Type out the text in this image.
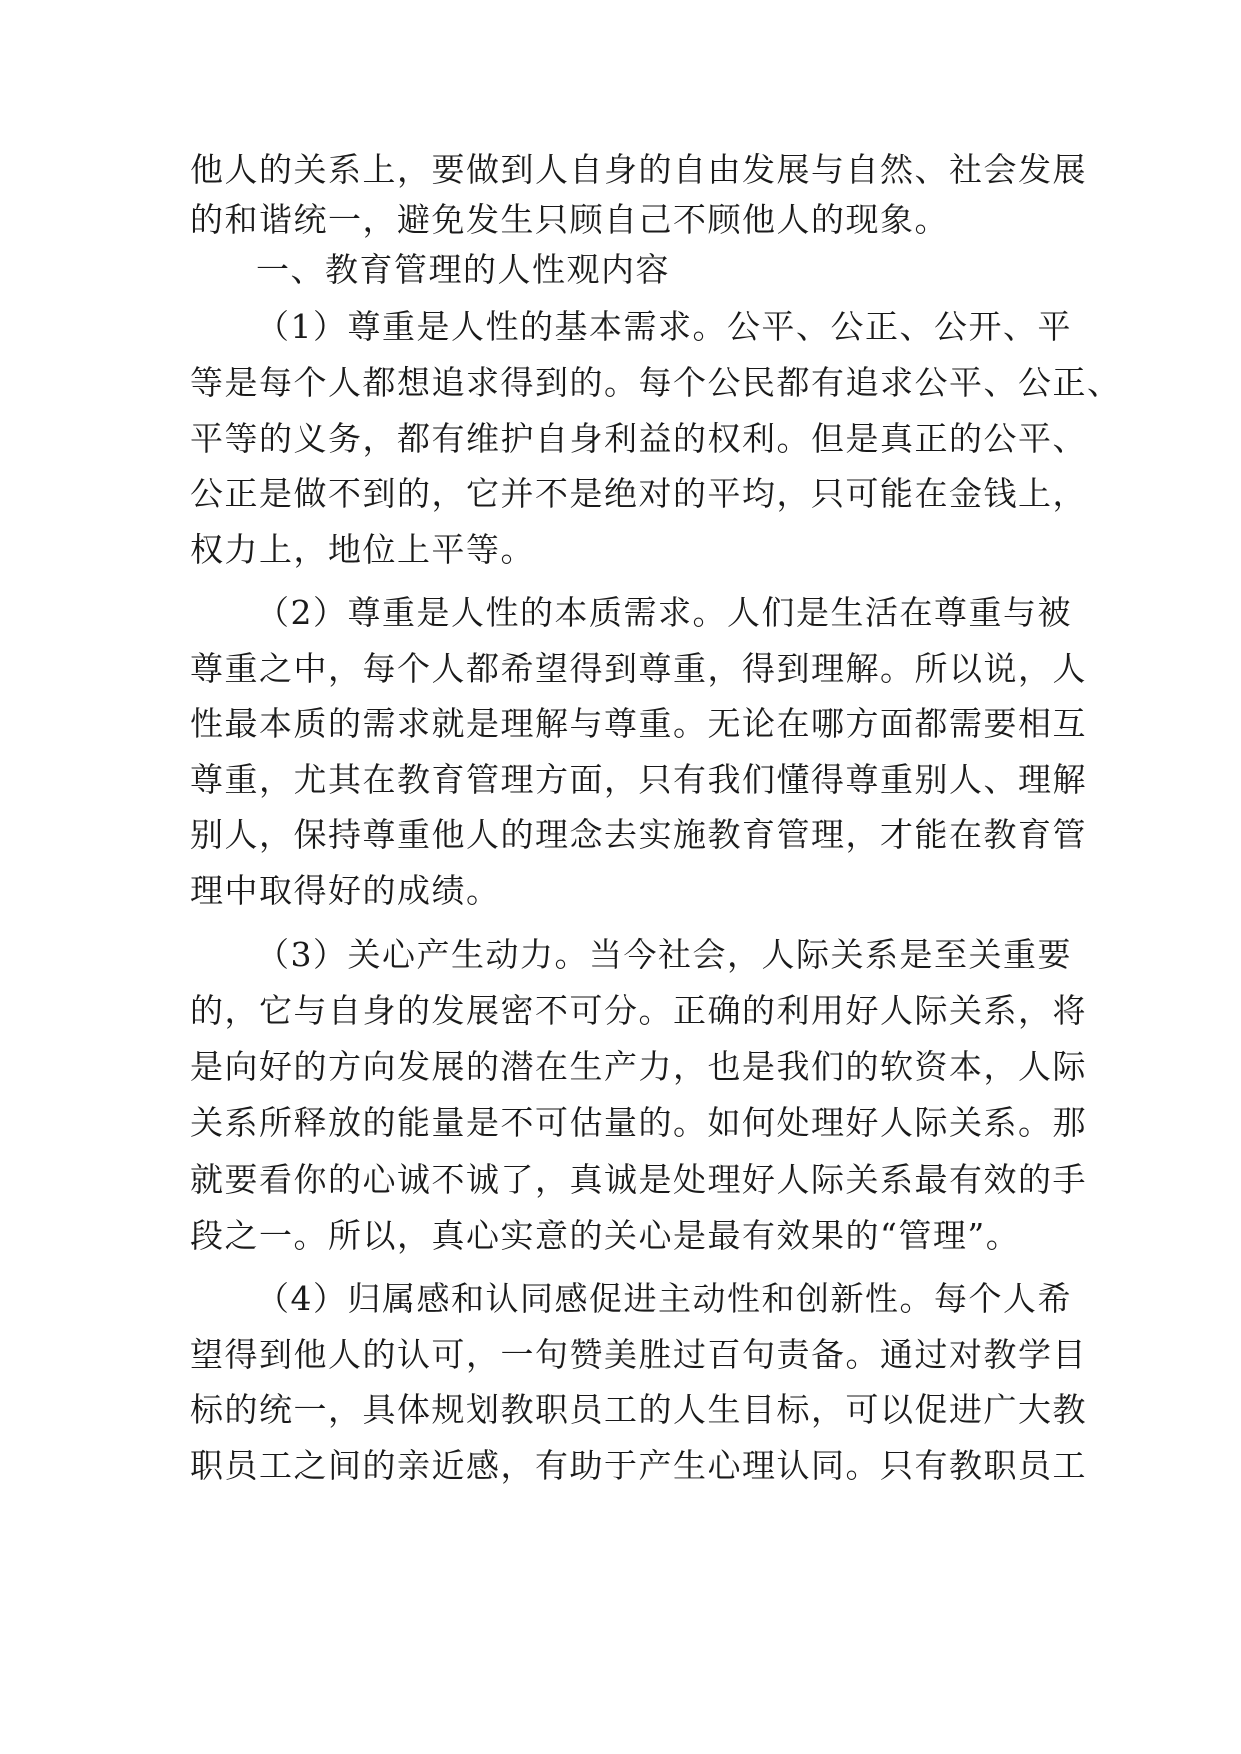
他人的关系上，要做到人自身的自由发展与自然、社会发展
的和谐统一，避免发生只顾自己不顾他人的现象。
一、教育管理的人性观内容
（1）尊重是人性的基本需求。公平、公正、公开、平
等是每个人都想追求得到的。每个公民都有追求公平、公正、
平等的义务，都有维护自身利益的权利。但是真正的公平、
公正是做不到的，它并不是绝对的平均，只可能在金钱上，
权力上，地位上平等。
（2）尊重是人性的本质需求。人们是生活在尊重与被
尊重之中，每个人都希望得到尊重，得到理解。所以说，人
性最本质的需求就是理解与尊重。无论在哪方面都需要相互
尊重，尤其在教育管理方面，只有我们懂得尊重别人、理解
别人，保持尊重他人的理念去实施教育管理，才能在教育管
理中取得好的成绩。
（3）关心产生动力。当今社会，人际关系是至关重要
的，它与自身的发展密不可分。正确的利用好人际关系，将
是向好的方向发展的潜在生产力，也是我们的软资本，人际
关系所释放的能量是不可估量的。如何处理好人际关系。那
就要看你的心诚不诚了，真诚是处理好人际关系最有效的手
段之一。所以，真心实意的关心是最有效果的“管理”。
（4）归属感和认同感促进主动性和创新性。每个人希
望得到他人的认可，一句赞美胜过百句责备。通过对教学目
标的统一，具体规划教职员工的人生目标，可以促进广大教
职员工之间的亲近感，有助于产生心理认同。只有教职员工
